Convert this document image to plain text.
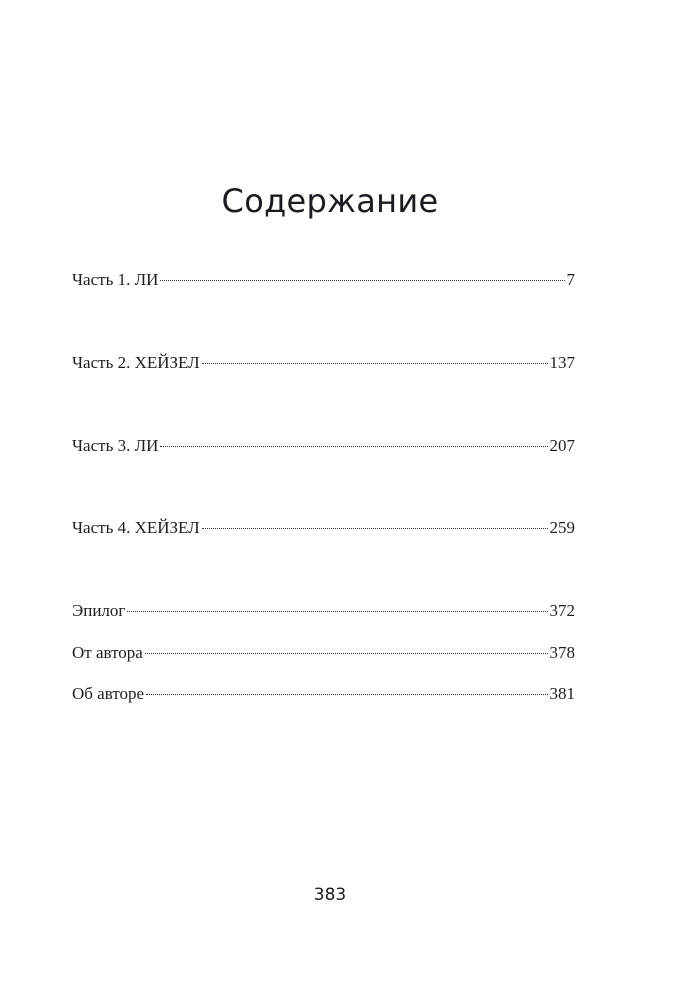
Содержание
Часть 1. ЛИ	7
Часть 2. ХЕЙЗЕЛ	137
Часть 3. ЛИ	207
Часть 4. ХЕЙЗЕЛ	259
Эпилог	372
От автора	378
Об авторе	381
383
